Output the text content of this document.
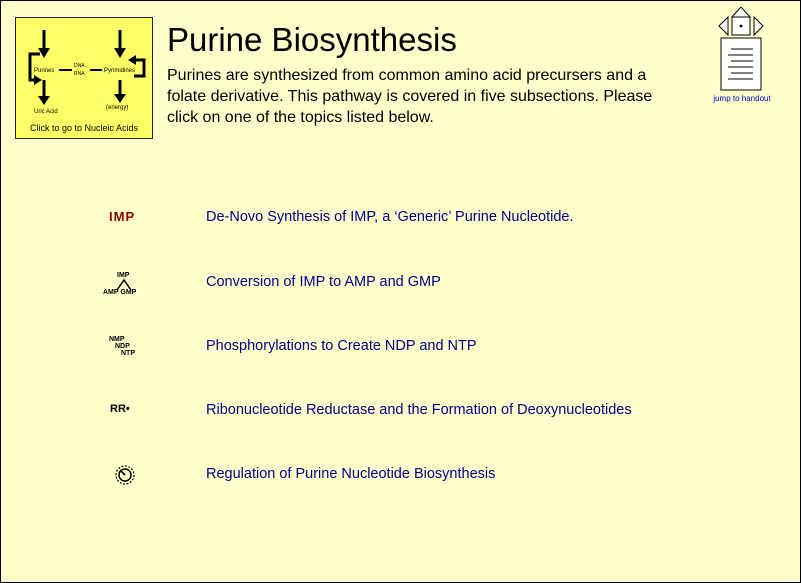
Purines
DNA
RNA	Pyrimidines
Uric Acid
(energy)
Click to go to Nucleic Acids
Purine Biosynthesis
Purines are synthesized from common amino acid precursers and a folate derivative. This pathway is covered in five subsections. Please click on one of the topics listed below.
jump to handout
IMP	De-Novo Synthesis of IMP, a ‘Generic’ Purine Nucleotide.
IMP
AMP GMP
Conversion of IMP to AMP and GMP
NMP
NDP
NTP	Phosphorylations to Create NDP and NTP
RR•	Ribonucleotide Reductase and the Formation of Deoxynucleotides
Regulation of Purine Nucleotide Biosynthesis
